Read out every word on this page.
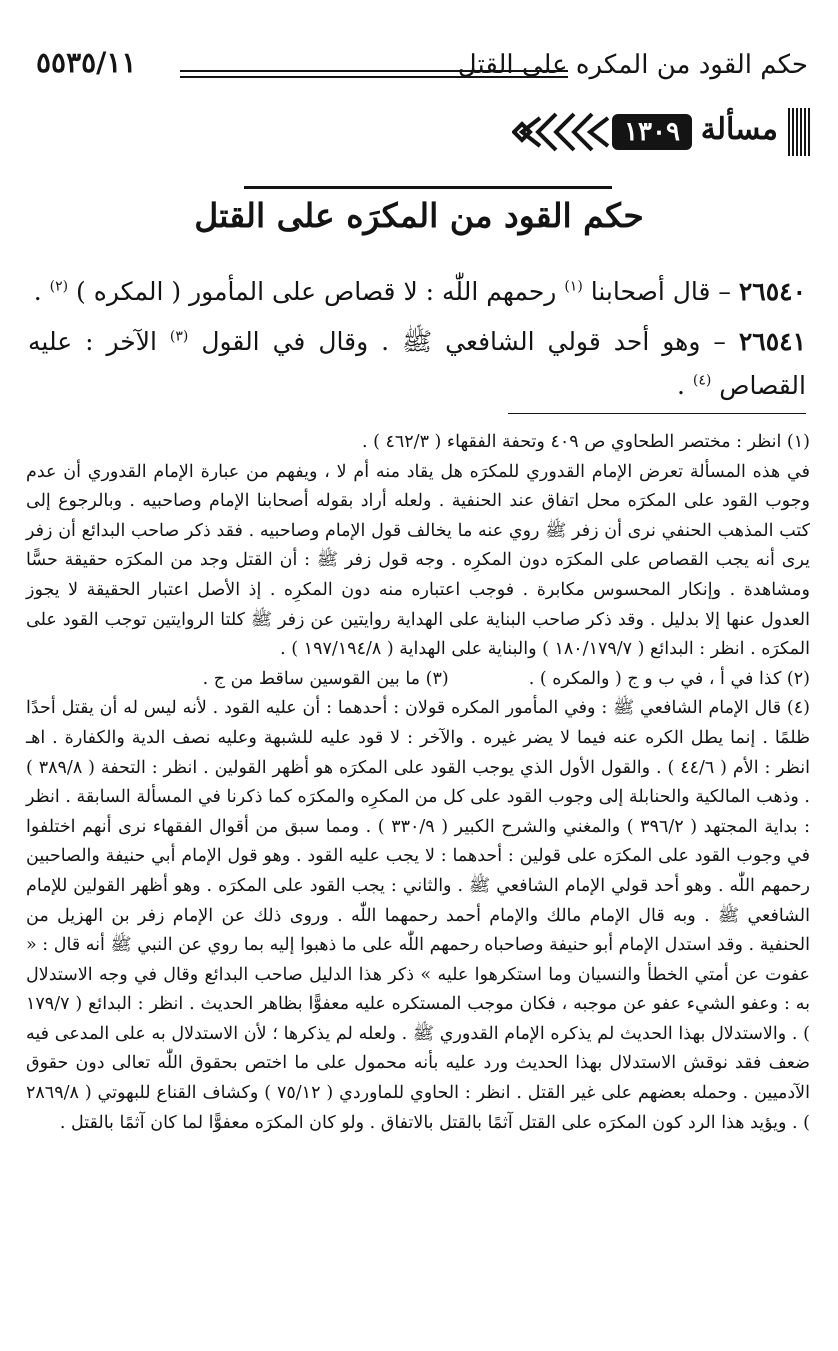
حكم القود من المكره على القتل
٥٥٣٥/١١
مسألة
١٣٠٩
حكم القود من المكرَه على القتل

٢٦٥٤٠ – قال أصحابنا $^{(١)}$ رحمهم اللّٰه : لا قصاص على المأمور ( المكره ) $^{(٢)}$ .

٢٦٥٤١ – وهو أحد قولي الشافعي ﷺ . وقال في القول $^{(٣)}$ الآخر : عليه القصاص $^{(٤)}$ .

(١) انظر : مختصر الطحاوي ص ٤٠٩ وتحفة الفقهاء ( ٤٦٢/٣ ) .

في هذه المسألة تعرض الإمام القدوري للمكرَه هل يقاد منه أم لا ، ويفهم من عبارة الإمام القدوري أن عدم وجوب القود على المكرَه محل اتفاق عند الحنفية . ولعله أراد بقوله أصحابنا الإمام وصاحبيه . وبالرجوع إلى كتب المذهب الحنفي نرى أن زفر ﷺ روي عنه ما يخالف قول الإمام وصاحبيه . فقد ذكر صاحب البدائع أن زفر يرى أنه يجب القصاص على المكرَه دون المكرِه . وجه قول زفر ﷺ : أن القتل وجد من المكرَه حقيقة حسًّا ومشاهدة . وإنكار المحسوس مكابرة . فوجب اعتباره منه دون المكرِه . إذ الأصل اعتبار الحقيقة لا يجوز العدول عنها إلا بدليل . وقد ذكر صاحب البناية على الهداية روايتين عن زفر ﷺ كلتا الروايتين توجب القود على المكرَه . انظر : البدائع ( ١٨٠/١٧٩/٧ ) والبناية على الهداية ( ١٩٧/١٩٤/٨ ) .

(٢) كذا في أ ، في ب و ج ( والمكره ) .
(٣) ما بين القوسين ساقط من ج .

(٤) قال الإمام الشافعي ﷺ : وفي المأمور المكره قولان : أحدهما : أن عليه القود . لأنه ليس له أن يقتل أحدًا ظلمًا . إنما يطل الكره عنه فيما لا يضر غيره . والآخر : لا قود عليه للشبهة وعليه نصف الدية والكفارة . اهـ انظر : الأم ( ٤٤/٦ ) . والقول الأول الذي يوجب القود على المكرَه هو أظهر القولين . انظر : التحفة ( ٣٨٩/٨ ) . وذهب المالكية والحنابلة إلى وجوب القود على كل من المكرِه والمكرَه كما ذكرنا في المسألة السابقة . انظر : بداية المجتهد ( ٣٩٦/٢ ) والمغني والشرح الكبير ( ٣٣٠/٩ ) . ومما سبق من أقوال الفقهاء نرى أنهم اختلفوا في وجوب القود على المكرَه على قولين : أحدهما : لا يجب عليه القود . وهو قول الإمام أبي حنيفة والصاحبين رحمهم اللّٰه . وهو أحد قولي الإمام الشافعي ﷺ . والثاني : يجب القود على المكرَه . وهو أظهر القولين للإمام الشافعي ﷺ . وبه قال الإمام مالك والإمام أحمد رحمهما اللّٰه . وروى ذلك عن الإمام زفر بن الهزيل من الحنفية . وقد استدل الإمام أبو حنيفة وصاحباه رحمهم اللّٰه على ما ذهبوا إليه بما روي عن النبي ﷺ أنه قال : « عفوت عن أمتي الخطأ والنسيان وما استكرهوا عليه » ذكر هذا الدليل صاحب البدائع وقال في وجه الاستدلال به : وعفو الشيء عفو عن موجبه ، فكان موجب المستكره عليه معفوًّا بظاهر الحديث . انظر : البدائع ( ١٧٩/٧ ) . والاستدلال بهذا الحديث لم يذكره الإمام القدوري ﷺ . ولعله لم يذكرها ؛ لأن الاستدلال به على المدعى فيه ضعف فقد نوقش الاستدلال بهذا الحديث ورد عليه بأنه محمول على ما اختص بحقوق اللّٰه تعالى دون حقوق الآدميين . وحمله بعضهم على غير القتل . انظر : الحاوي للماوردي ( ٧٥/١٢ ) وكشاف القناع للبهوتي ( ٢٨٦٩/٨ ) . ويؤيد هذا الرد كون المكرَه على القتل آثمًا بالقتل بالاتفاق . ولو كان المكرَه معفوًّا لما كان آثمًا بالقتل .
